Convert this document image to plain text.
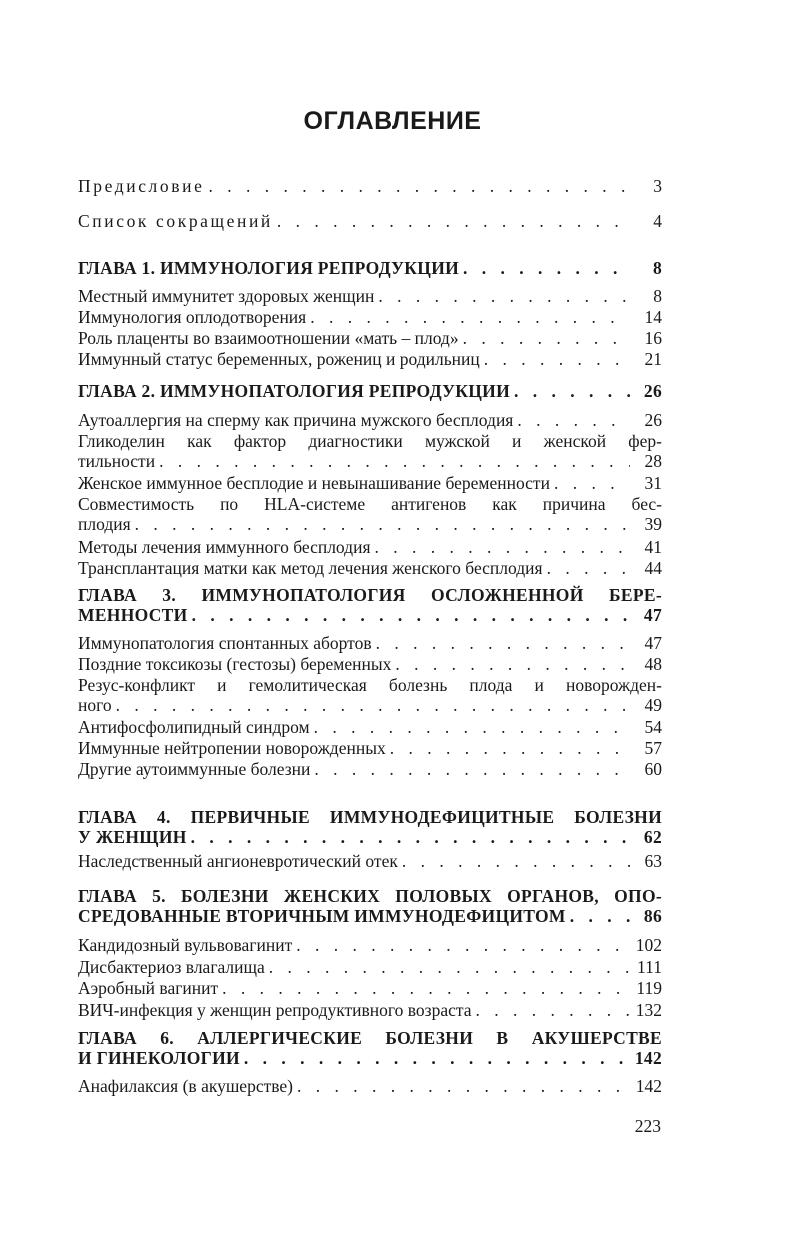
ОГЛАВЛЕНИЕ
Предисловие . . .	3
Список сокращений . . .	4
ГЛАВА 1. ИММУНОЛОГИЯ РЕПРОДУКЦИИ . . .	8
Местный иммунитет здоровых женщин . . .	8
Иммунология оплодотворения . . .	14
Роль плаценты во взаимоотношении «мать – плод» . . .	16
Иммунный статус беременных, рожениц и родильниц . . .	21
ГЛАВА 2. ИММУНОПАТОЛОГИЯ РЕПРОДУКЦИИ . . .	26
Аутоаллергия на сперму как причина мужского бесплодия . . .	26
Гликоделин как фактор диагностики мужской и женской фер-
тильности . . .	28
Женское иммунное бесплодие и невынашивание беременности . . .	31
Совместимость по HLA-системе антигенов как причина бес-
плодия . . .	39
Методы лечения иммунного бесплодия . . .	41
Трансплантация матки как метод лечения женского бесплодия . . .	44
ГЛАВА 3. ИММУНОПАТОЛОГИЯ ОСЛОЖНЕННОЙ БЕРЕ-
МЕННОСТИ . . .	47
Иммунопатология спонтанных абортов . . .	47
Поздние токсикозы (гестозы) беременных . . .	48
Резус-конфликт и гемолитическая болезнь плода и новорожден-
ного . . .	49
Антифосфолипидный синдром . . .	54
Иммунные нейтропении новорожденных . . .	57
Другие аутоиммунные болезни . . .	60
ГЛАВА 4. ПЕРВИЧНЫЕ ИММУНОДЕФИЦИТНЫЕ БОЛЕЗНИ
У ЖЕНЩИН . . .	62
Наследственный ангионевротический отек . . .	63
ГЛАВА 5. БОЛЕЗНИ ЖЕНСКИХ ПОЛОВЫХ ОРГАНОВ, ОПО-
СРЕДОВАННЫЕ ВТОРИЧНЫМ ИММУНОДЕФИЦИТОМ . . .	86
Кандидозный вульвовагинит . . .	102
Дисбактериоз влагалища . . .	111
Аэробный вагинит . . .	119
ВИЧ-инфекция у женщин репродуктивного возраста . . .	132
ГЛАВА 6. АЛЛЕРГИЧЕСКИЕ БОЛЕЗНИ В АКУШЕРСТВЕ
И ГИНЕКОЛОГИИ . . .	142
Анафилаксия (в акушерстве) . . .	142
223
